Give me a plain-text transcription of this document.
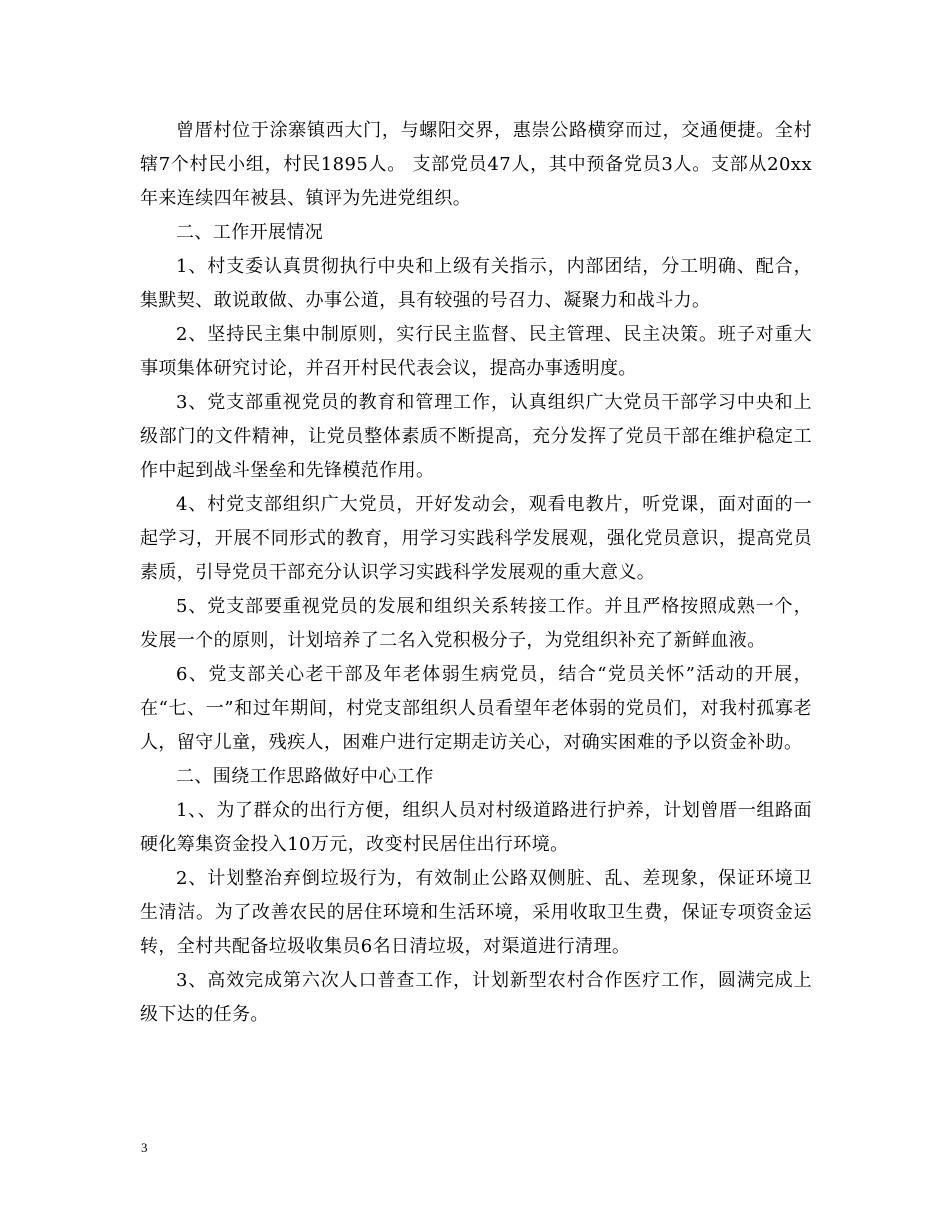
曾厝村位于涂寨镇西大门，与螺阳交界，惠崇公路横穿而过，交通便捷。全村辖7个村民小组，村民1895人。 支部党员47人，其中预备党员3人。支部从20xx年来连续四年被县、镇评为先进党组织。

二、工作开展情况

1、村支委认真贯彻执行中央和上级有关指示，内部团结，分工明确、配合，集默契、敢说敢做、办事公道，具有较强的号召力、凝聚力和战斗力。

2、坚持民主集中制原则，实行民主监督、民主管理、民主决策。班子对重大事项集体研究讨论，并召开村民代表会议，提高办事透明度。

3、党支部重视党员的教育和管理工作，认真组织广大党员干部学习中央和上级部门的文件精神，让党员整体素质不断提高，充分发挥了党员干部在维护稳定工作中起到战斗堡垒和先锋模范作用。

4、村党支部组织广大党员，开好发动会，观看电教片，听党课，面对面的一起学习，开展不同形式的教育，用学习实践科学发展观，强化党员意识，提高党员素质，引导党员干部充分认识学习实践科学发展观的重大意义。

5、党支部要重视党员的发展和组织关系转接工作。并且严格按照成熟一个，发展一个的原则，计划培养了二名入党积极分子，为党组织补充了新鲜血液。

6、党支部关心老干部及年老体弱生病党员，结合“党员关怀”活动的开展，在“七、一”和过年期间，村党支部组织人员看望年老体弱的党员们，对我村孤寡老人，留守儿童，残疾人，困难户进行定期走访关心，对确实困难的予以资金补助。

二、围绕工作思路做好中心工作

1、、为了群众的出行方便，组织人员对村级道路进行护养，计划曾厝一组路面硬化筹集资金投入10万元，改变村民居住出行环境。

2、计划整治弃倒垃圾行为，有效制止公路双侧脏、乱、差现象，保证环境卫生清洁。为了改善农民的居住环境和生活环境，采用收取卫生费，保证专项资金运转，全村共配备垃圾收集员6名日清垃圾，对渠道进行清理。

3、高效完成第六次人口普查工作，计划新型农村合作医疗工作，圆满完成上级下达的任务。

3
